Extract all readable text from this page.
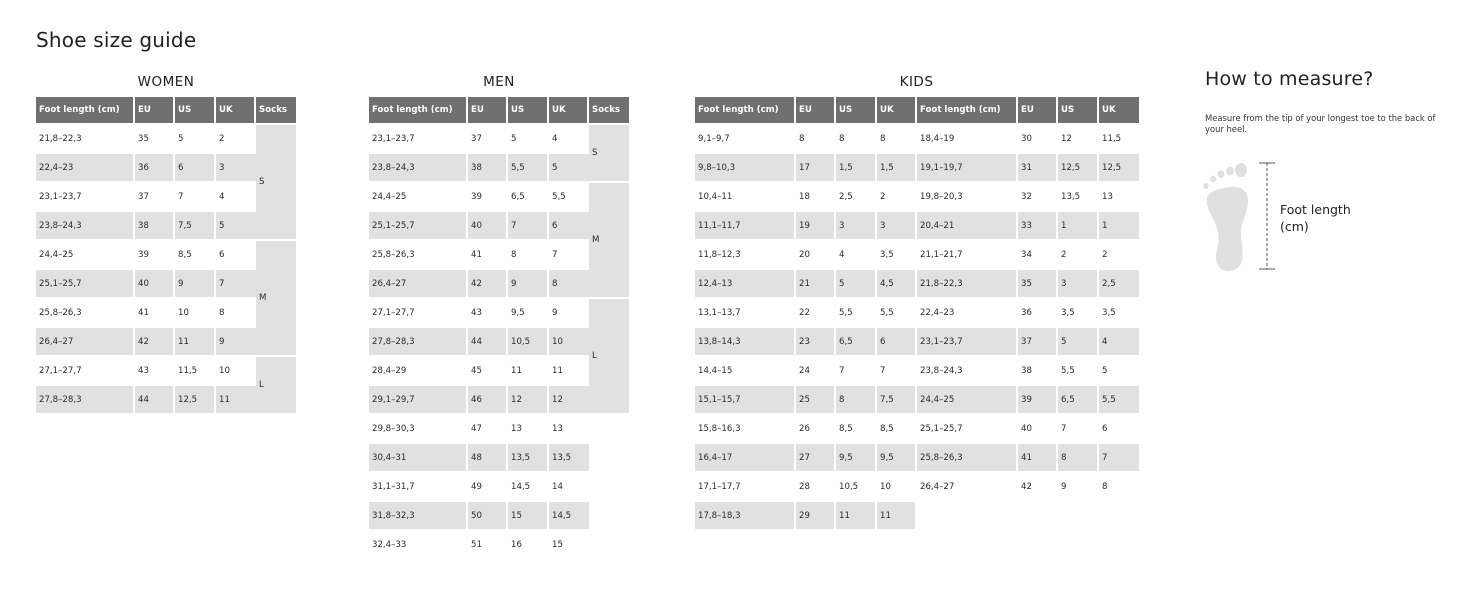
Shoe size guide
WOMEN
Foot length (cm)	EU	US	UK	Socks
21,8–22,3	35	5	2	S
22,4–23	36	6	3	
23,1–23,7	37	7	4	
23,8–24,3	38	7,5	5	
24,4–25	39	8,5	6	M
25,1–25,7	40	9	7	
25,8–26,3	41	10	8	
26,4–27	42	11	9	
27,1–27,7	43	11,5	10	L
27,8–28,3	44	12,5	11	
MEN
Foot length (cm)	EU	US	UK	Socks
23,1–23,7	37	5	4	S
23,8–24,3	38	5,5	5	
24,4–25	39	6,5	5,5	M
25,1–25,7	40	7	6	
25,8–26,3	41	8	7	
26,4–27	42	9	8	
27,1–27,7	43	9,5	9	L
27,8–28,3	44	10,5	10	
28,4–29	45	11	11	
29,1–29,7	46	12	12	
29,8–30,3	47	13	13	
30,4–31	48	13,5	13,5	
31,1–31,7	49	14,5	14	
31,8–32,3	50	15	14,5	
32,4–33	51	16	15	
KIDS
Foot length (cm)	EU	US	UK	Foot length (cm)	EU	US	UK
9,1–9,7	8	8	8	18,4–19	30	12	11,5
9,8–10,3	17	1,5	1,5	19,1–19,7	31	12,5	12,5
10,4–11	18	2,5	2	19,8–20,3	32	13,5	13
11,1–11,7	19	3	3	20,4–21	33	1	1
11,8–12,3	20	4	3,5	21,1–21,7	34	2	2
12,4–13	21	5	4,5	21,8–22,3	35	3	2,5
13,1–13,7	22	5,5	5,5	22,4–23	36	3,5	3,5
13,8–14,3	23	6,5	6	23,1–23,7	37	5	4
14,4–15	24	7	7	23,8–24,3	38	5,5	5
15,1–15,7	25	8	7,5	24,4–25	39	6,5	5,5
15,8–16,3	26	8,5	8,5	25,1–25,7	40	7	6
16,4–17	27	9,5	9,5	25,8–26,3	41	8	7
17,1–17,7	28	10,5	10	26,4–27	42	9	8
17,8–18,3	29	11	11				
How to measure?
Measure from the tip of your longest toe to the back of your heel.
Foot length
(cm)
